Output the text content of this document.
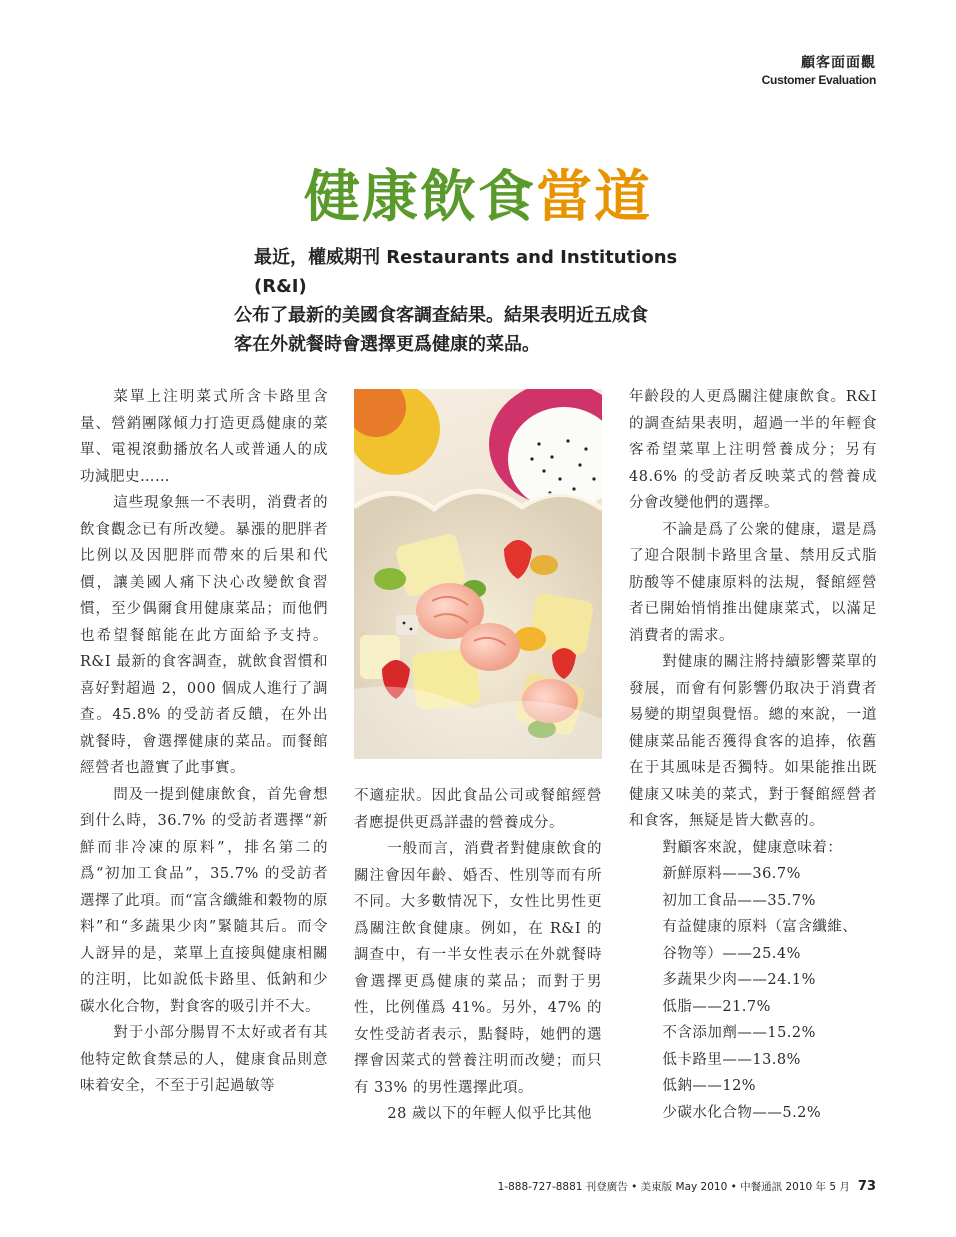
顧客面面觀
Customer Evaluation
健康飲食當道

最近，權威期刊 Restaurants and Institutions (R&I)

公布了最新的美國食客調查結果。結果表明近五成食

客在外就餐時會選擇更爲健康的菜品。

菜單上注明菜式所含卡路里含量、營銷團隊傾力打造更爲健康的菜單、電視滾動播放名人或普通人的成功減肥史……

這些現象無一不表明，消費者的飲食觀念已有所改變。暴漲的肥胖者比例以及因肥胖而帶來的后果和代價，讓美國人痛下決心改變飲食習慣，至少偶爾食用健康菜品；而他們也希望餐館能在此方面給予支持。R&I 最新的食客調查，就飲食習慣和喜好對超過 2，000 個成人進行了調查。45.8% 的受訪者反饋，在外出就餐時，會選擇健康的菜品。而餐館經營者也證實了此事實。

問及一提到健康飲食，首先會想到什么時，36.7% 的受訪者選擇“新鮮而非冷凍的原料”，排名第二的爲“初加工食品”，35.7% 的受訪者選擇了此項。而“富含纖維和穀物的原料”和“多蔬果少肉”緊隨其后。而令人訝异的是，菜單上直接與健康相關的注明，比如說低卡路里、低鈉和少碳水化合物，對食客的吸引并不大。

對于小部分腸胃不太好或者有其他特定飲食禁忌的人，健康食品則意味着安全，不至于引起過敏等

不適症狀。因此食品公司或餐館經營者應提供更爲詳盡的營養成分。

一般而言，消費者對健康飲食的關注會因年齡、婚否、性別等而有所不同。大多數情况下，女性比男性更爲關注飲食健康。例如，在 R&I 的調查中，有一半女性表示在外就餐時會選擇更爲健康的菜品；而對于男性，比例僅爲 41%。另外，47% 的女性受訪者表示，點餐時，她們的選擇會因菜式的營養注明而改變；而只有 33% 的男性選擇此項。

28 歲以下的年輕人似乎比其他

年齡段的人更爲關注健康飲食。R&I 的調查結果表明，超過一半的年輕食客希望菜單上注明營養成分；另有 48.6% 的受訪者反映菜式的營養成分會改變他們的選擇。

不論是爲了公衆的健康，還是爲了迎合限制卡路里含量、禁用反式脂肪酸等不健康原料的法規，餐館經營者已開始悄悄推出健康菜式，以滿足消費者的需求。

對健康的關注將持續影響菜單的發展，而會有何影響仍取决于消費者易變的期望與覺悟。總的來說，一道健康菜品能否獲得食客的追捧，依舊在于其風味是否獨特。如果能推出既健康又味美的菜式，對于餐館經營者和食客，無疑是皆大歡喜的。

對顧客來說，健康意味着：

新鮮原料——36.7%
初加工食品——35.7%
有益健康的原料（富含纖維、
谷物等）——25.4%
多蔬果少肉——24.1%
低脂——21.7%
不含添加劑——15.2%
低卡路里——13.8%
低鈉——12%
少碳水化合物——5.2%
1-888-727-8881 刊登廣告 • 美東版 May 2010 • 中餐通訊 2010 年 5 月 73
